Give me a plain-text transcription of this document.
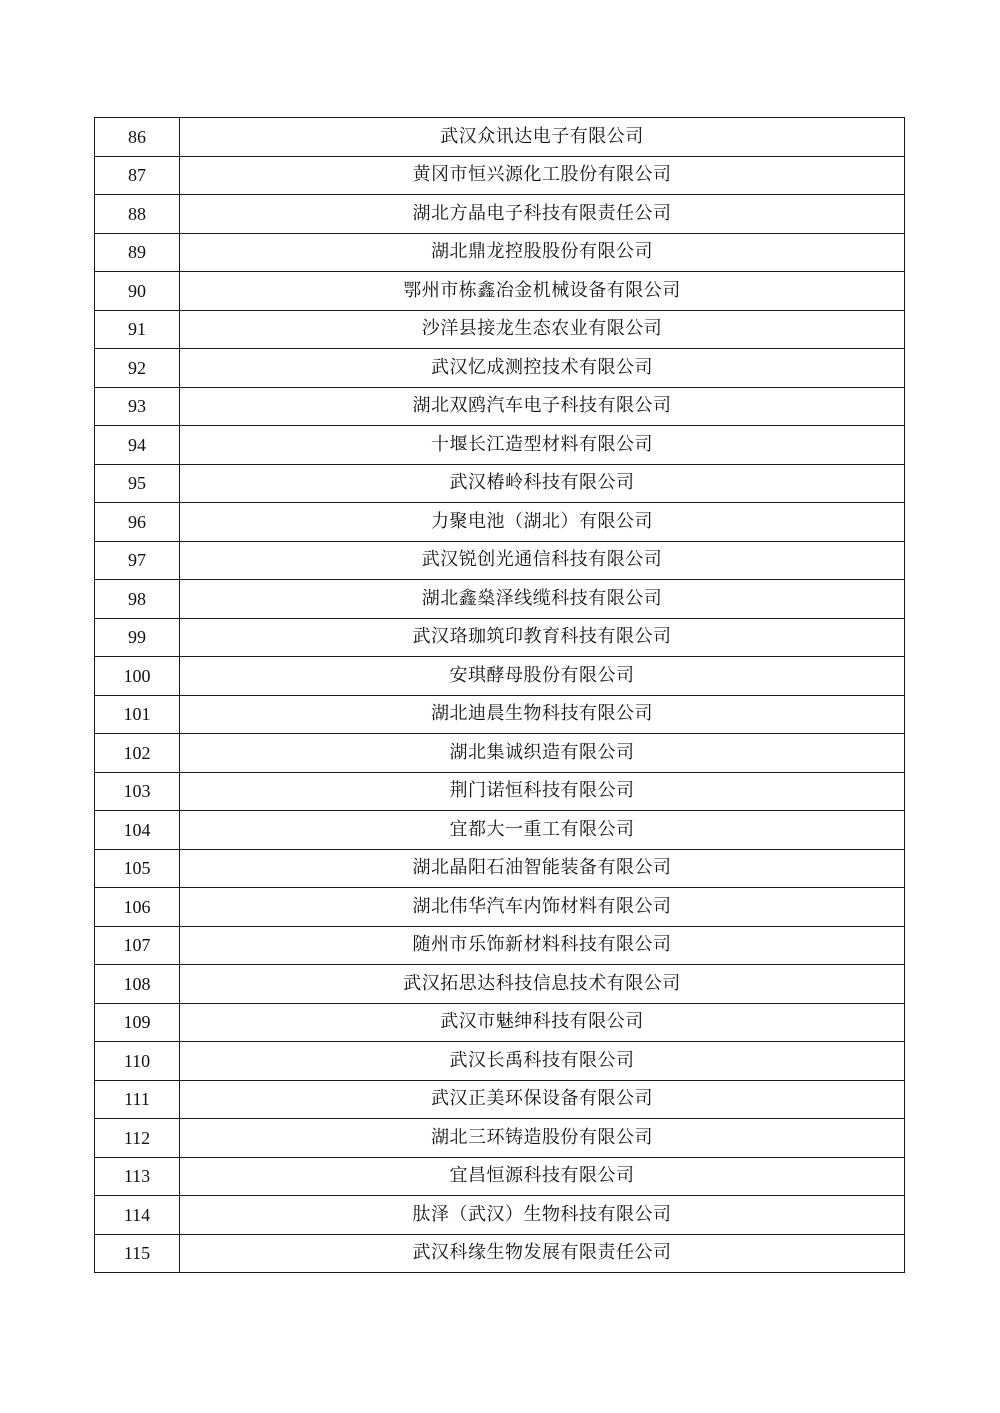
86	武汉众讯达电子有限公司
87	黄冈市恒兴源化工股份有限公司
88	湖北方晶电子科技有限责任公司
89	湖北鼎龙控股股份有限公司
90	鄂州市栋鑫冶金机械设备有限公司
91	沙洋县接龙生态农业有限公司
92	武汉忆成测控技术有限公司
93	湖北双鸥汽车电子科技有限公司
94	十堰长江造型材料有限公司
95	武汉椿岭科技有限公司
96	力聚电池（湖北）有限公司
97	武汉锐创光通信科技有限公司
98	湖北鑫燊泽线缆科技有限公司
99	武汉珞珈筑印教育科技有限公司
100	安琪酵母股份有限公司
101	湖北迪晨生物科技有限公司
102	湖北集诚织造有限公司
103	荆门诺恒科技有限公司
104	宜都大一重工有限公司
105	湖北晶阳石油智能装备有限公司
106	湖北伟华汽车内饰材料有限公司
107	随州市乐饰新材料科技有限公司
108	武汉拓思达科技信息技术有限公司
109	武汉市魅绅科技有限公司
110	武汉长禹科技有限公司
111	武汉正美环保设备有限公司
112	湖北三环铸造股份有限公司
113	宜昌恒源科技有限公司
114	肽泽（武汉）生物科技有限公司
115	武汉科缘生物发展有限责任公司
